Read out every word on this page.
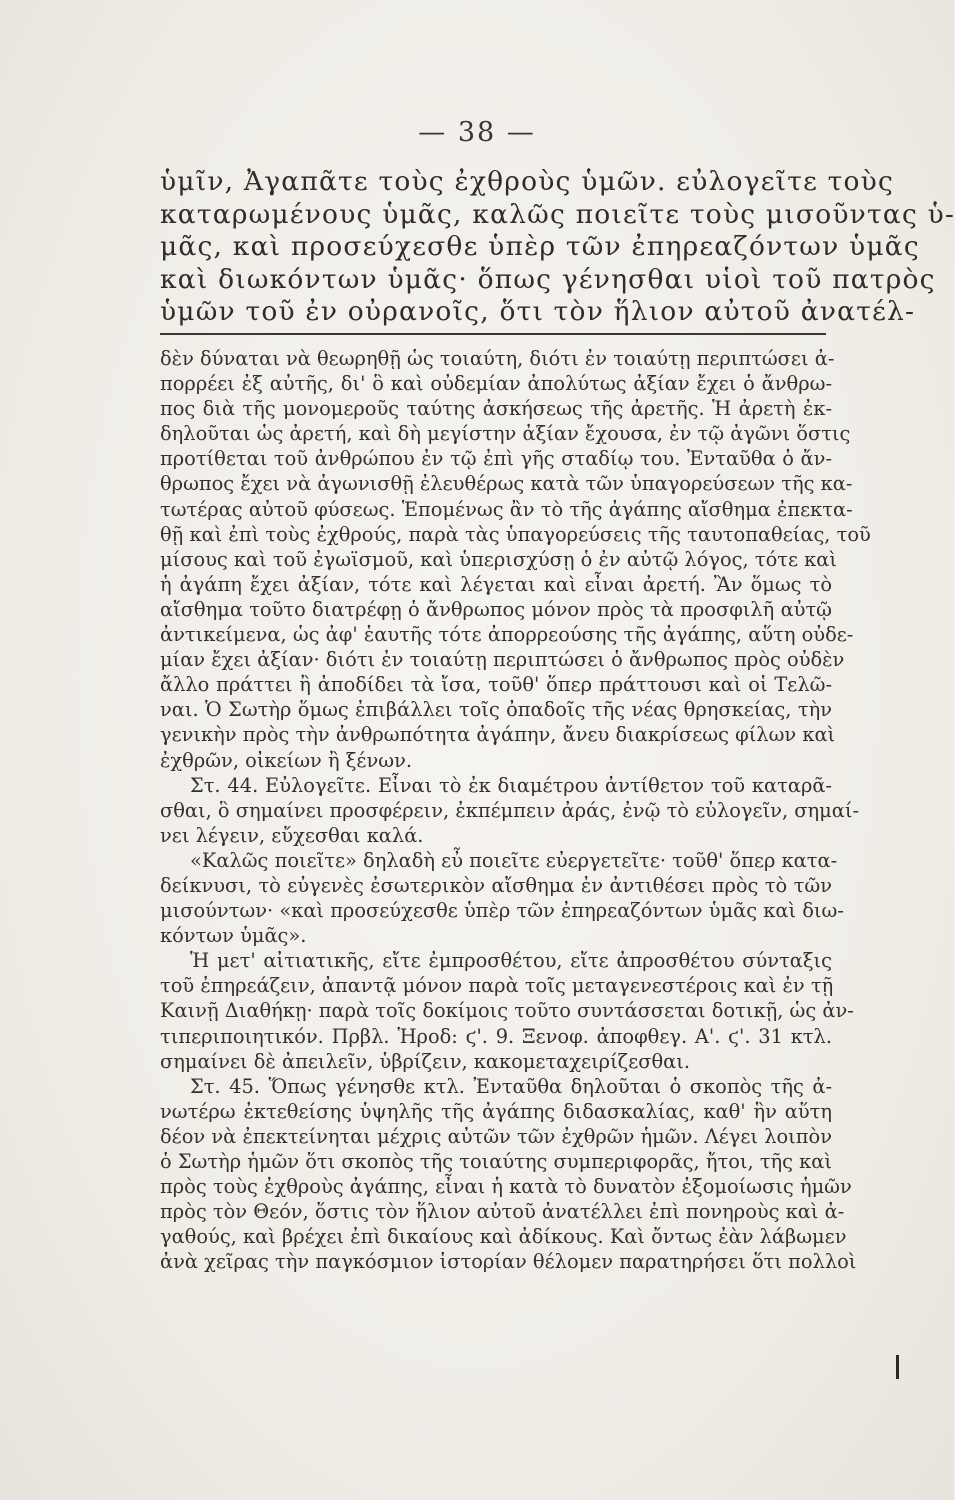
— 38 —
ὑμῖν, Ἀγαπᾶτε τοὺς ἐχθροὺς ὑμῶν. εὐλογεῖτε τοὺς
καταρωμένους ὑμᾶς, καλῶς ποιεῖτε τοὺς μισοῦντας ὑ-
μᾶς, καὶ προσεύχεσθε ὑπὲρ τῶν ἐπηρεαζόντων ὑμᾶς
καὶ διωκόντων ὑμᾶς· ὅπως γένησθαι υἱοὶ τοῦ πατρὸς
ὑμῶν τοῦ ἐν οὐρανοῖς, ὅτι τὸν ἥλιον αὐτοῦ ἀνατέλ-
δὲν δύναται νὰ θεωρηθῇ ὡς τοιαύτη, διότι ἐν τοιαύτῃ περιπτώσει ἀ-
πορρέει ἐξ αὐτῆς, δι' ὃ καὶ οὐδεμίαν ἀπολύτως ἀξίαν ἔχει ὁ ἄνθρω-
πος διὰ τῆς μονομεροῦς ταύτης ἀσκήσεως τῆς ἀρετῆς. Ἡ ἀρετὴ ἐκ-
δηλοῦται ὡς ἀρετή, καὶ δὴ μεγίστην ἀξίαν ἔχουσα, ἐν τῷ ἀγῶνι ὅστις
προτίθεται τοῦ ἀνθρώπου ἐν τῷ ἐπὶ γῆς σταδίῳ του. Ἐνταῦθα ὁ ἄν-
θρωπος ἔχει νὰ ἀγωνισθῇ ἐλευθέρως κατὰ τῶν ὑπαγορεύσεων τῆς κα-
τωτέρας αὐτοῦ φύσεως. Ἑπομένως ἂν τὸ τῆς ἀγάπης αἴσθημα ἐπεκτα-
θῇ καὶ ἐπὶ τοὺς ἐχθρούς, παρὰ τὰς ὑπαγορεύσεις τῆς ταυτοπαθείας, τοῦ
μίσους καὶ τοῦ ἐγωϊσμοῦ, καὶ ὑπερισχύσῃ ὁ ἐν αὐτῷ λόγος, τότε καὶ
ἡ ἀγάπη ἔχει ἀξίαν, τότε καὶ λέγεται καὶ εἶναι ἀρετή. Ἂν ὅμως τὸ
αἴσθημα τοῦτο διατρέφῃ ὁ ἄνθρωπος μόνον πρὸς τὰ προσφιλῆ αὐτῷ
ἀντικείμενα, ὡς ἀφ' ἑαυτῆς τότε ἀπορρεούσης τῆς ἀγάπης, αὕτη οὐδε-
μίαν ἔχει ἀξίαν· διότι ἐν τοιαύτῃ περιπτώσει ὁ ἄνθρωπος πρὸς οὐδὲν
ἄλλο πράττει ἢ ἀποδίδει τὰ ἴσα, τοῦθ' ὅπερ πράττουσι καὶ οἱ Τελῶ-
ναι. Ὁ Σωτὴρ ὅμως ἐπιβάλλει τοῖς ὀπαδοῖς τῆς νέας θρησκείας, τὴν
γενικὴν πρὸς τὴν ἀνθρωπότητα ἀγάπην, ἄνευ διακρίσεως φίλων καὶ
ἐχθρῶν, οἰκείων ἢ ξένων.
Στ. 44. Εὐλογεῖτε. Εἶναι τὸ ἐκ διαμέτρου ἀντίθετον τοῦ καταρᾶ-
σθαι, ὃ σημαίνει προσφέρειν, ἐκπέμπειν ἀράς, ἐνῷ τὸ εὐλογεῖν, σημαί-
νει λέγειν, εὔχεσθαι καλά.
«Καλῶς ποιεῖτε» δηλαδὴ εὖ ποιεῖτε εὐεργετεῖτε· τοῦθ' ὅπερ κατα-
δείκνυσι, τὸ εὐγενὲς ἐσωτερικὸν αἴσθημα ἐν ἀντιθέσει πρὸς τὸ τῶν
μισούντων· «καὶ προσεύχεσθε ὑπὲρ τῶν ἐπηρεαζόντων ὑμᾶς καὶ διω-
κόντων ὑμᾶς».
Ἡ μετ' αἰτιατικῆς, εἴτε ἐμπροσθέτου, εἴτε ἀπροσθέτου σύνταξις
τοῦ ἐπηρεάζειν, ἀπαντᾷ μόνον παρὰ τοῖς μεταγενεστέροις καὶ ἐν τῇ
Καινῇ Διαθήκῃ· παρὰ τοῖς δοκίμοις τοῦτο συντάσσεται δοτικῇ, ὡς ἀν-
τιπεριποιητικόν. Πρβλ. Ἡροδ: ϛ'. 9. Ξενοφ. ἀποφθεγ. Α'. ϛ'. 31 κτλ.
σημαίνει δὲ ἀπειλεῖν, ὑβρίζειν, κακομεταχειρίζεσθαι.
Στ. 45. Ὅπως γένησθε κτλ. Ἐνταῦθα δηλοῦται ὁ σκοπὸς τῆς ἀ-
νωτέρω ἐκτεθείσης ὑψηλῆς τῆς ἀγάπης διδασκαλίας, καθ' ἣν αὕτη
δέον νὰ ἐπεκτείνηται μέχρις αὐτῶν τῶν ἐχθρῶν ἡμῶν. Λέγει λοιπὸν
ὁ Σωτὴρ ἡμῶν ὅτι σκοπὸς τῆς τοιαύτης συμπεριφορᾶς, ἤτοι, τῆς καὶ
πρὸς τοὺς ἐχθροὺς ἀγάπης, εἶναι ἡ κατὰ τὸ δυνατὸν ἐξομοίωσις ἡμῶν
πρὸς τὸν Θεόν, ὅστις τὸν ἥλιον αὐτοῦ ἀνατέλλει ἐπὶ πονηροὺς καὶ ἀ-
γαθούς, καὶ βρέχει ἐπὶ δικαίους καὶ ἀδίκους. Καὶ ὄντως ἐὰν λάβωμεν
ἀνὰ χεῖρας τὴν παγκόσμιον ἱστορίαν θέλομεν παρατηρήσει ὅτι πολλοὶ
